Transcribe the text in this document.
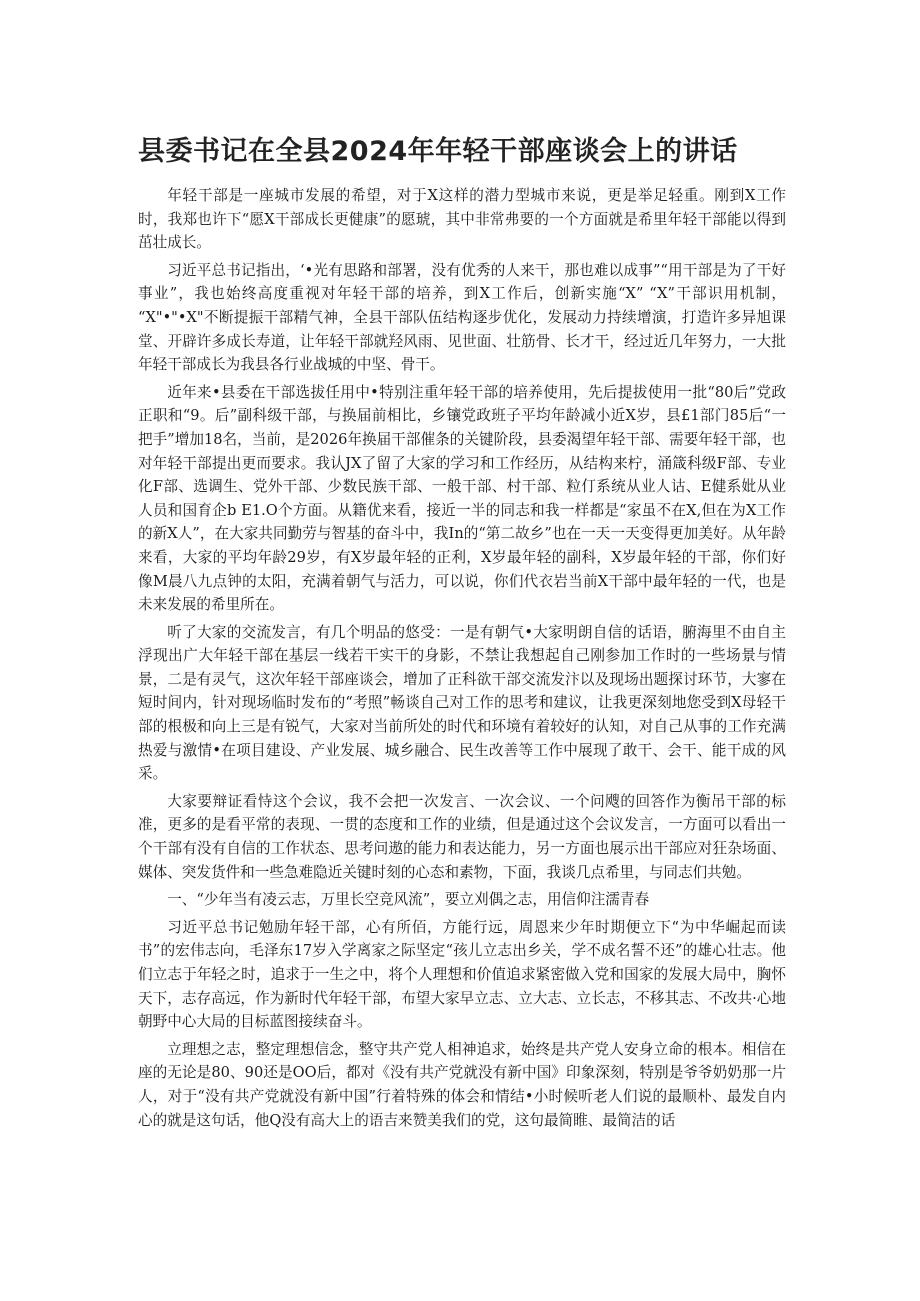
县委书记在全县2024年年轻干部座谈会上的讲话

年轻干部是一座城市发展的希望，对于X这样的潜力型城市来说，更是举足轻重。刚到X工作时，我郑也许下“愿X干部成长更健康”的愿琥，其中非常弗要的一个方面就是希里年轻干部能以得到茁壮成长。

习近平总书记指出，‘•光有思路和部署，没有优秀的人来干，那也难以成事”“用干部是为了干好事业”，我也始终高度重视对年轻干部的培养，到X工作后，创新实施“X” “X”干部识用机制， “X"•"•X"不断提振干部精气神，全县干部队伍结构逐步优化，发展动力持续增演，打造许多异旭课堂、开辟许多成长寿道，让年轻干部就羟风雨、见世面、壮筋骨、长才干，经过近几年努力，一大批年轻干部成长为我县各行业战城的中坚、骨干。

近年来•县委在干部选拔任用中•特别注重年轻干部的培养使用，先后提拔使用一批“80后”党政正职和“9。后”副科级干部，与换届前相比，乡镶党政班子平均年龄减小近X岁，县£1部门85后“一把手”增加18名，当前，是2026年换届干部催条的关键阶段，县委渴望年轻干部、需要年轻干部，也对年轻干部提出更而要求。我认JX了留了大家的学习和工作经历，从结构来柠，涌箴科级F部、专业化F部、选调生、党外干部、少数民族干部、一般干部、村干部、粒仃系统从业人诂、E健系妣从业人员和国育企b E1.O个方面。从籍优来看，接近一半的同志和我一样都是“家虽不在X,但在为X工作的新X人”，在大家共同勤劳与智基的奋斗中，我In的“第二故乡”也在一天一天变得更加美好。从年龄来看，大家的平均年龄29岁，有X岁最年轻的正利，X岁最年轻的副科，X岁最年轻的干部，你们好像M晨八九点钟的太阳，充满着朝气与活力，可以说，你们代衣岩当前X干部中最年轻的一代，也是未来发展的希里所在。

听了大家的交流发言，有几个明品的悠受：一是有朝气•大家明朗自信的话语，腑海里不由自主浮现出广大年轻干部在基层一线若干实干的身影，不禁让我想起自己刚参加工作时的一些场景与情景，二是有灵气，这次年轻干部座谈会，增加了正科欲干部交流发汴以及现场出题探讨环节，大寥在短时间内，针对现场临时发布的“考照”畅谈自己对工作的思考和建议，让我更深刻地您受到X母轻干部的根极和向上三是有锐气，大家对当前所处的时代和环境有着较好的认知，对自己从事的工作充满热爱与激情•在项目建设、产业发展、城乡融合、民生改善等工作中展现了敢干、会干、能干成的风采。

大家要辩证看恃这个会议，我不会把一次发言、一次会议、一个问飕的回答作为衡吊干部的标准，更多的是看平常的表现、一贯的态度和工作的业绩，但是通过这个会议发言，一方面可以看出一个干部有没有自信的工作状态、思考问遨的能力和表达能力，另一方面也展示出干部应对狂杂场面、媒体、突发货件和一些急难隐近关键时刻的心态和素物，下面，我谈几点希里，与同志们共勉。

一、“少年当有凌云志，万里长空竞风流”，要立刈偶之志，用信仰注濡青春

习近平总书记勉励年轻干部，心有所佰，方能行远，周恩来少年时期便立下“为中华崛起而读书”的宏伟志向，毛泽东17岁入学离家之际坚定“孩儿立志出乡关，学不成名誓不还”的雄心壮志。他们立志于年轻之时，追求于一生之中，将个人理想和价值追求紧密做入党和国家的发展大局中，胸怀天下，志存高远，作为新时代年轻干部，布望大家早立志、立大志、立长志，不移其志、不改共·心地朝野中心大局的目标蓝图接续奋斗。

立理想之志，整定理想信念，整守共产党人相神追求，始终是共产党人安身立命的根本。相信在座的无论是80、90还是OO后，都对《没有共产党就没有新中国》印象深刻，特别是爷爷奶奶那一片人，对于“没有共产党就没有新中国”行着特殊的体会和情结•小时候听老人们说的最顺朴、最发自内心的就是这句话，他Q没有高大上的语吉来赞美我们的党，这句最简睢、最简洁的话
